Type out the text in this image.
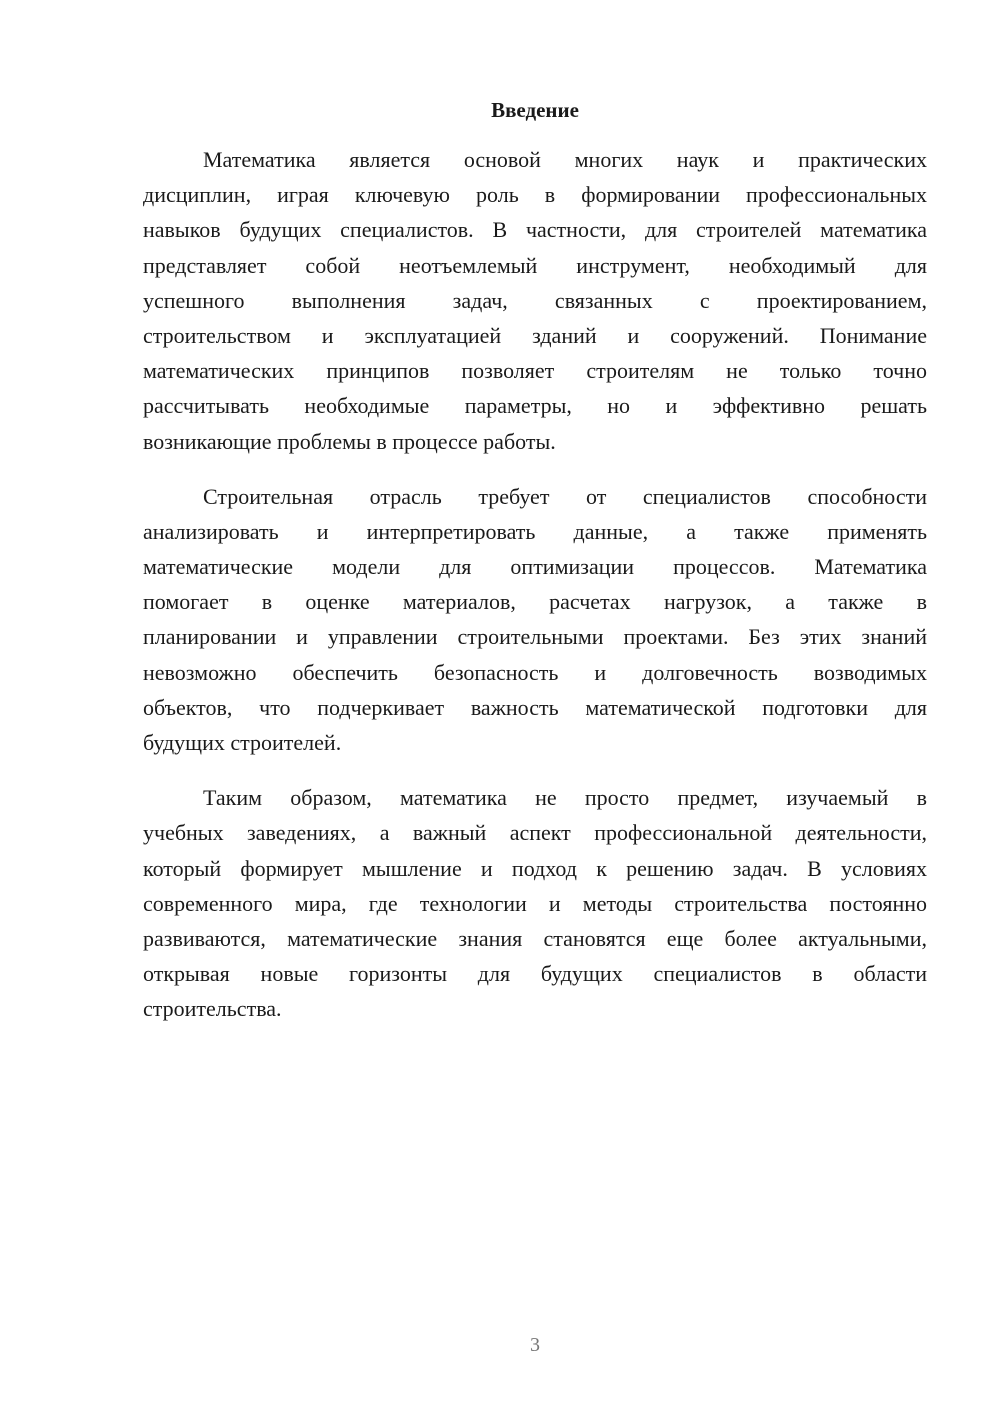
Введение
Математика является основой многих наук и практических
дисциплин, играя ключевую роль в формировании профессиональных
навыков будущих специалистов. В частности, для строителей математика
представляет собой неотъемлемый инструмент, необходимый для
успешного выполнения задач, связанных с проектированием,
строительством и эксплуатацией зданий и сооружений. Понимание
математических принципов позволяет строителям не только точно
рассчитывать необходимые параметры, но и эффективно решать
возникающие проблемы в процессе работы.
Строительная отрасль требует от специалистов способности
анализировать и интерпретировать данные, а также применять
математические модели для оптимизации процессов. Математика
помогает в оценке материалов, расчетах нагрузок, а также в
планировании и управлении строительными проектами. Без этих знаний
невозможно обеспечить безопасность и долговечность возводимых
объектов, что подчеркивает важность математической подготовки для
будущих строителей.
Таким образом, математика не просто предмет, изучаемый в
учебных заведениях, а важный аспект профессиональной деятельности,
который формирует мышление и подход к решению задач. В условиях
современного мира, где технологии и методы строительства постоянно
развиваются, математические знания становятся еще более актуальными,
открывая новые горизонты для будущих специалистов в области
строительства.
3
